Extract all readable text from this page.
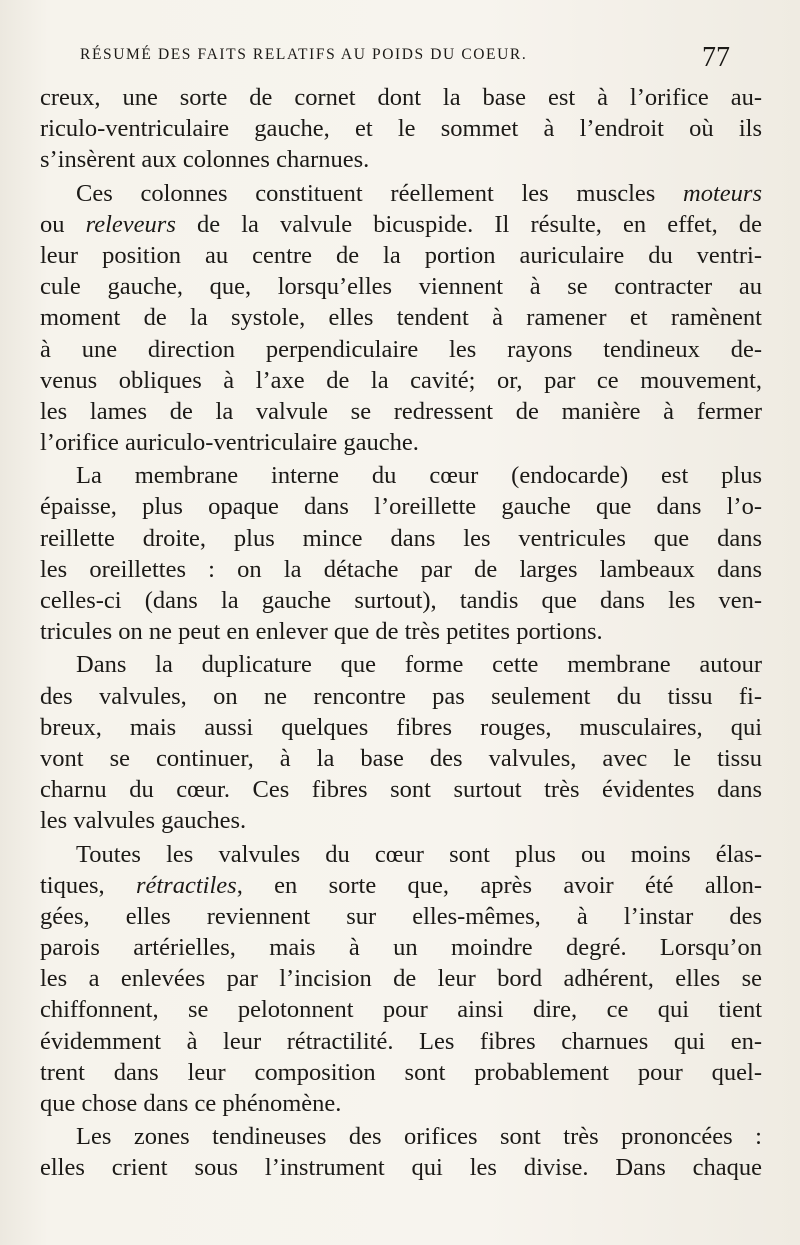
RÉSUMÉ DES FAITS RELATIFS AU POIDS DU COEUR.	77
creux, une sorte de cornet dont la base est à l’orifice au-
riculo-ventriculaire gauche, et le sommet à l’endroit où ils
s’insèrent aux colonnes charnues.
Ces colonnes constituent réellement les muscles moteurs
ou releveurs de la valvule bicuspide. Il résulte, en effet, de
leur position au centre de la portion auriculaire du ventri-
cule gauche, que, lorsqu’elles viennent à se contracter au
moment de la systole, elles tendent à ramener et ramènent
à une direction perpendiculaire les rayons tendineux de-
venus obliques à l’axe de la cavité; or, par ce mouvement,
les lames de la valvule se redressent de manière à fermer
l’orifice auriculo-ventriculaire gauche.
La membrane interne du cœur (endocarde) est plus
épaisse, plus opaque dans l’oreillette gauche que dans l’o-
reillette droite, plus mince dans les ventricules que dans
les oreillettes : on la détache par de larges lambeaux dans
celles-ci (dans la gauche surtout), tandis que dans les ven-
tricules on ne peut en enlever que de très petites portions.
Dans la duplicature que forme cette membrane autour
des valvules, on ne rencontre pas seulement du tissu fi-
breux, mais aussi quelques fibres rouges, musculaires, qui
vont se continuer, à la base des valvules, avec le tissu
charnu du cœur. Ces fibres sont surtout très évidentes dans
les valvules gauches.
Toutes les valvules du cœur sont plus ou moins élas-
tiques, rétractiles, en sorte que, après avoir été allon-
gées, elles reviennent sur elles-mêmes, à l’instar des
parois artérielles, mais à un moindre degré. Lorsqu’on
les a enlevées par l’incision de leur bord adhérent, elles se
chiffonnent, se pelotonnent pour ainsi dire, ce qui tient
évidemment à leur rétractilité. Les fibres charnues qui en-
trent dans leur composition sont probablement pour quel-
que chose dans ce phénomène.
Les zones tendineuses des orifices sont très prononcées :
elles crient sous l’instrument qui les divise. Dans chaque
